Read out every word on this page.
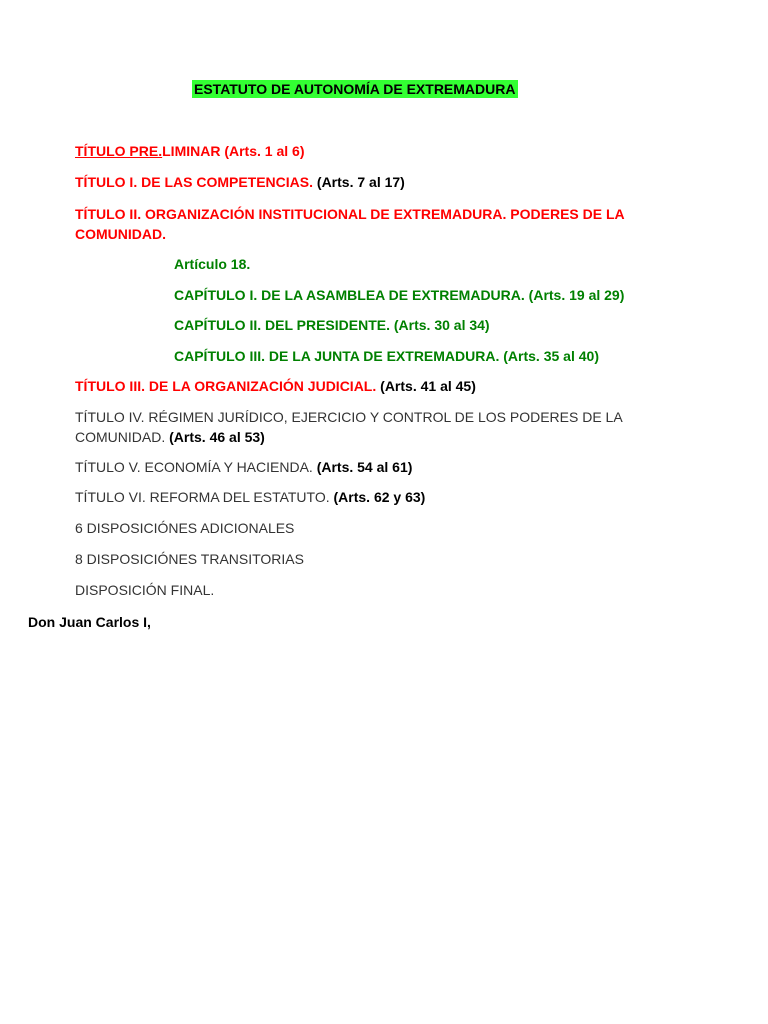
ESTATUTO DE AUTONOMÍA DE EXTREMADURA
TÍTULO PRE.LIMINAR (Arts. 1 al 6)
TÍTULO I. DE LAS COMPETENCIAS. (Arts. 7 al 17)
TÍTULO II. ORGANIZACIÓN INSTITUCIONAL DE EXTREMADURA. PODERES DE LA COMUNIDAD.
Artículo 18.
CAPÍTULO I. DE LA ASAMBLEA DE EXTREMADURA. (Arts. 19 al 29)
CAPÍTULO II. DEL PRESIDENTE. (Arts. 30 al 34)
CAPÍTULO III. DE LA JUNTA DE EXTREMADURA. (Arts. 35 al 40)
TÍTULO III. DE LA ORGANIZACIÓN JUDICIAL. (Arts. 41 al 45)
TÍTULO IV. RÉGIMEN JURÍDICO, EJERCICIO Y CONTROL DE LOS PODERES DE LA COMUNIDAD. (Arts. 46 al 53)
TÍTULO V. ECONOMÍA Y HACIENDA. (Arts. 54 al 61)
TÍTULO VI. REFORMA DEL ESTATUTO. (Arts. 62 y 63)
6 DISPOSICIÓNES ADICIONALES
8 DISPOSICIÓNES TRANSITORIAS
DISPOSICIÓN FINAL.
Don Juan Carlos I,
